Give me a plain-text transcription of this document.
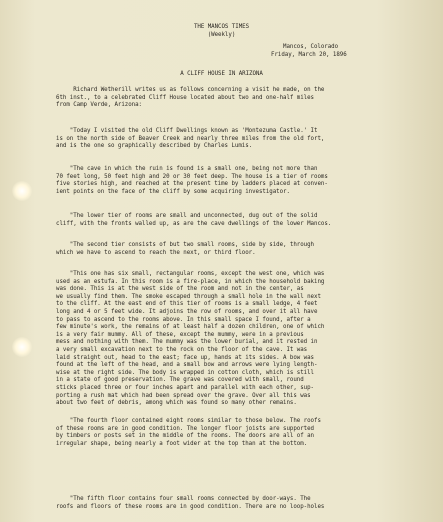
THE MANCOS TIMES
(Weekly)
Mancos, Colorado
Friday, March 20, 1896
A CLIFF HOUSE IN ARIZONA
Richard Wetherill writes us as follows concerning a visit he made, on the
6th inst., to a celebrated Cliff House located about two and one-half miles
from Camp Verde, Arizona:
"Today I visited the old Cliff Dwellings known as 'Montezuma Castle.' It
is on the north side of Beaver Creek and nearly three miles from the old fort,
and is the one so graphically described by Charles Lumis.
"The cave in which the ruin is found is a small one, being not more than
70 feet long, 50 feet high and 20 or 30 feet deep. The house is a tier of rooms
five stories high, and reached at the present time by ladders placed at conven-
ient points on the face of the cliff by some acquiring investigator.
"The lower tier of rooms are small and unconnected, dug out of the solid
cliff, with the fronts walled up, as are the cave dwellings of the lower Mancos.
"The second tier consists of but two small rooms, side by side, through
which we have to ascend to reach the next, or third floor.
"This one has six small, rectangular rooms, except the west one, which was
used as an estufa. In this room is a fire-place, in which the household baking
was done. This is at the west side of the room and not in the center, as
we usually find them. The smoke escaped through a small hole in the wall next
to the cliff. At the east end of this tier of rooms is a small ledge, 4 feet
long and 4 or 5 feet wide. It adjoins the row of rooms, and over it all have
to pass to ascend to the rooms above. In this small space I found, after a
few minute's work, the remains of at least half a dozen children, one of which
is a very fair mummy. All of these, except the mummy, were in a previous
mess and nothing with them. The mummy was the lower burial, and it rested in
a very small excavation next to the rock on the floor of the cave. It was
laid straight out, head to the east; face up, hands at its sides. A bow was
found at the left of the head, and a small bow and arrows were lying length-
wise at the right side. The body is wrapped in cotton cloth, which is still
in a state of good preservation. The grave was covered with small, round
sticks placed three or four inches apart and parallel with each other, sup-
porting a rush mat which had been spread over the grave. Over all this was
about two feet of debris, among which was found so many other remains.
"The fourth floor contained eight rooms similar to those below. The roofs
of these rooms are in good condition. The longer floor joists are supported
by timbers or posts set in the middle of the rooms. The doors are all of an
irregular shape, being nearly a foot wider at the top than at the bottom.
"The fifth floor contains four small rooms connected by door-ways. The
roofs and floors of these rooms are in good condition. There are no loop-holes
